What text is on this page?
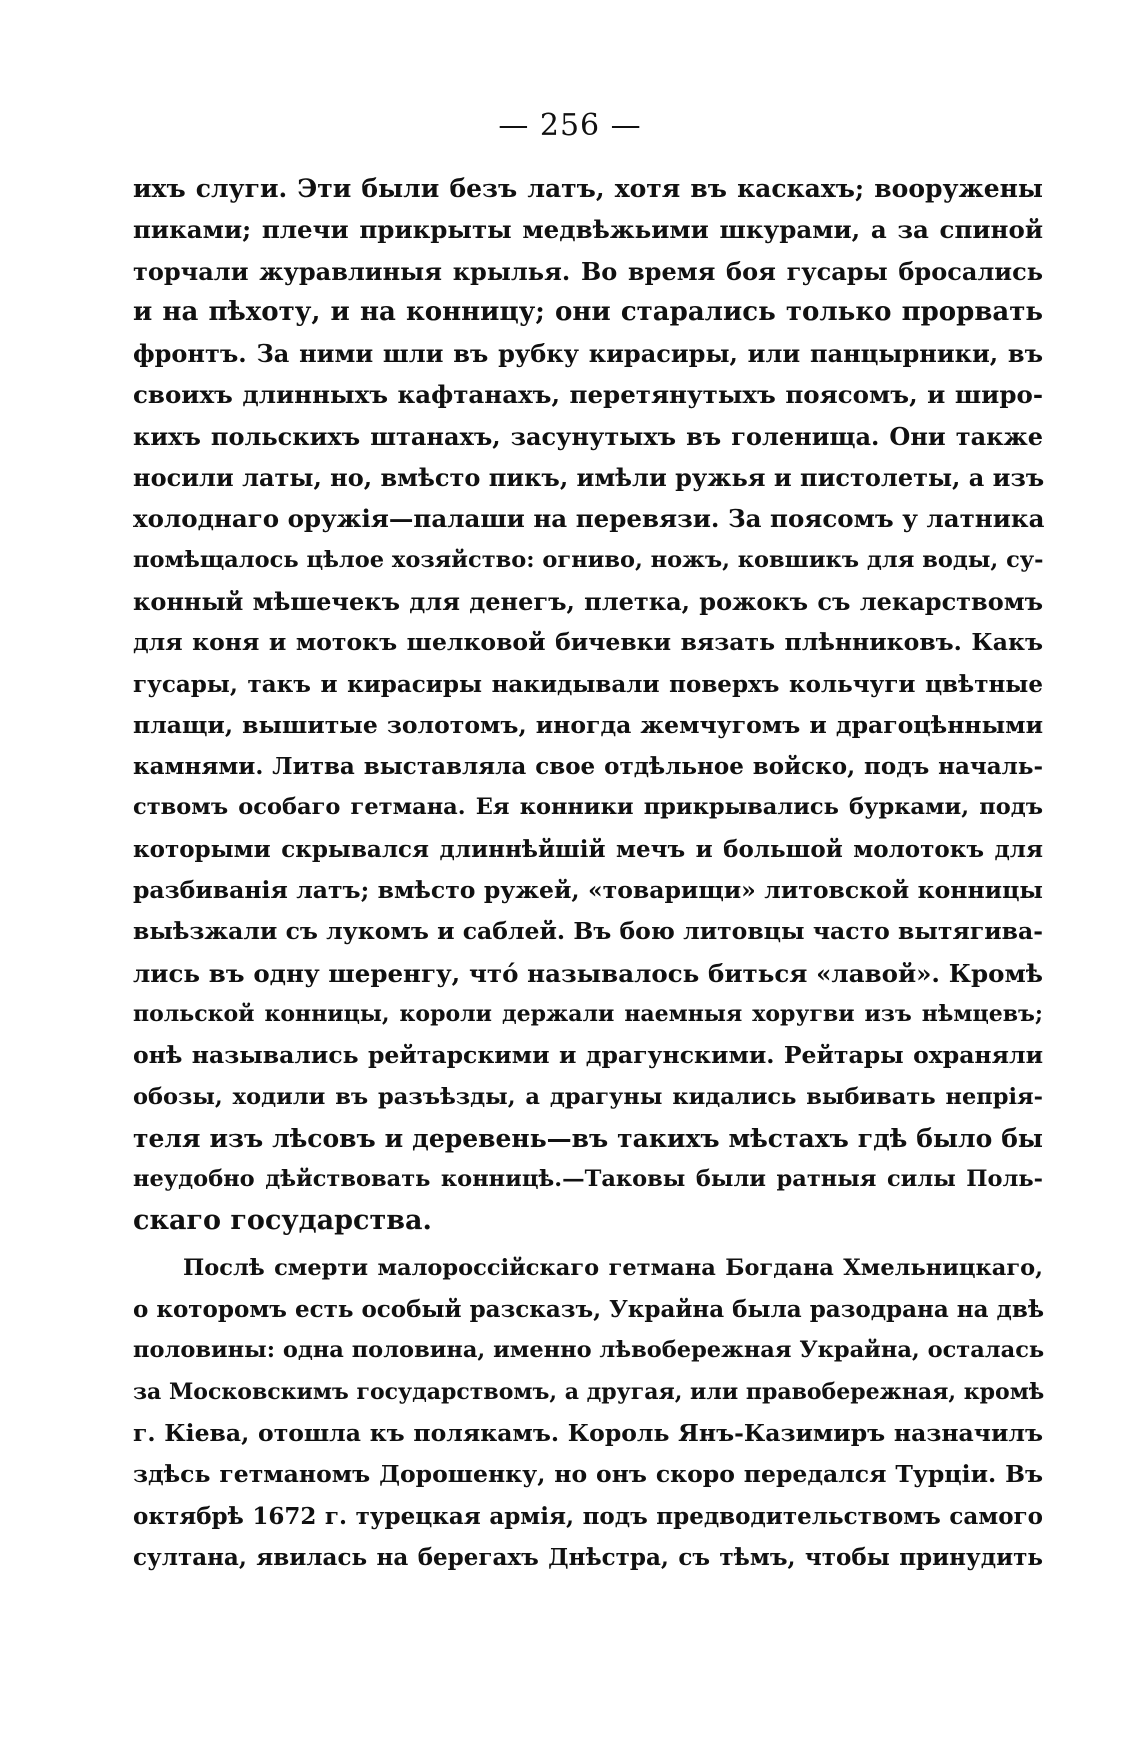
— 256 —
ихъ слуги. Эти были безъ латъ, хотя въ каскахъ; вооружены
пиками; плечи прикрыты медвѣжьими шкурами, а за спиной
торчали журавлиныя крылья. Во время боя гусары бросались
и на пѣхоту, и на конницу; они старались только прорвать
фронтъ. За ними шли въ рубку кирасиры, или панцырники, въ
своихъ длинныхъ кафтанахъ, перетянутыхъ поясомъ, и широ-
кихъ польскихъ штанахъ, засунутыхъ въ голенища. Они также
носили латы, но, вмѣсто пикъ, имѣли ружья и пистолеты, а изъ
холоднаго оружія—палаши на перевязи. За поясомъ у латника
помѣщалось цѣлое хозяйство: огниво, ножъ, ковшикъ для воды, су-
конный мѣшечекъ для денегъ, плетка, рожокъ съ лекарствомъ
для коня и мотокъ шелковой бичевки вязать плѣнниковъ. Какъ
гусары, такъ и кирасиры накидывали поверхъ кольчуги цвѣтные
плащи, вышитые золотомъ, иногда жемчугомъ и драгоцѣнными
камнями. Литва выставляла свое отдѣльное войско, подъ началь-
ствомъ особаго гетмана. Ея конники прикрывались бурками, подъ
которыми скрывался длиннѣйшій мечъ и большой молотокъ для
разбиванія латъ; вмѣсто ружей, «товарищи» литовской конницы
выѣзжали съ лукомъ и саблей. Въ бою литовцы часто вытягива-
лись въ одну шеренгу, что́ называлось биться «лавой». Кромѣ
польской конницы, короли держали наемныя хоругви изъ нѣмцевъ;
онѣ назывались рейтарскими и драгунскими. Рейтары охраняли
обозы, ходили въ разъѣзды, а драгуны кидались выбивать непрія-
теля изъ лѣсовъ и деревень—въ такихъ мѣстахъ гдѣ было бы
неудобно дѣйствовать конницѣ.—Таковы были ратныя силы Поль-
скаго государства.
Послѣ смерти малороссійскаго гетмана Богдана Хмельницкаго,
о которомъ есть особый разсказъ, Украйна была разодрана на двѣ
половины: одна половина, именно лѣвобережная Украйна, осталась
за Московскимъ государствомъ, а другая, или правобережная, кромѣ
г. Кіева, отошла къ полякамъ. Король Янъ-Казимиръ назначилъ
здѣсь гетманомъ Дорошенку, но онъ скоро передался Турціи. Въ
октябрѣ 1672 г. турецкая армія, подъ предводительствомъ самого
султана, явилась на берегахъ Днѣстра, съ тѣмъ, чтобы принудить
